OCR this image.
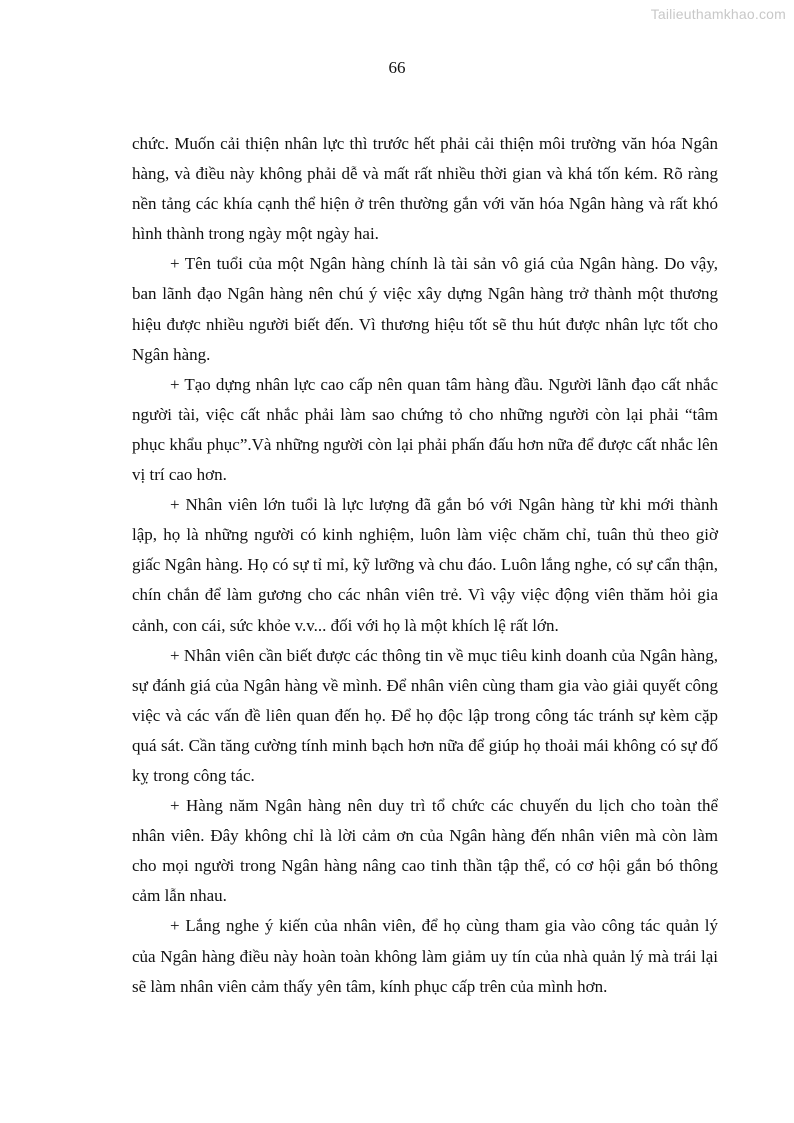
Tailieuthamkhao.com
66

chức. Muốn cải thiện nhân lực thì trước hết phải cải thiện môi trường văn hóa Ngân hàng, và điều này không phải dễ và mất rất nhiều thời gian và khá tốn kém. Rõ ràng nền tảng các khía cạnh thể hiện ở trên thường gắn với văn hóa Ngân hàng và rất khó hình thành trong ngày một ngày hai.

+ Tên tuổi của một Ngân hàng chính là tài sản vô giá của Ngân hàng. Do vậy, ban lãnh đạo Ngân hàng nên chú ý việc xây dựng Ngân hàng trở thành một thương hiệu được nhiều người biết đến. Vì thương hiệu tốt sẽ thu hút được nhân lực tốt cho Ngân hàng.

+ Tạo dựng nhân lực cao cấp nên quan tâm hàng đầu. Người lãnh đạo cất nhắc người tài, việc cất nhắc phải làm sao chứng tỏ cho những người còn lại phải “tâm phục khẩu phục”.Và những người còn lại phải phấn đấu hơn nữa để được cất nhắc lên vị trí cao hơn.

+ Nhân viên lớn tuổi là lực lượng đã gắn bó với Ngân hàng từ khi mới thành lập, họ là những người có kinh nghiệm, luôn làm việc chăm chỉ, tuân thủ theo giờ giấc Ngân hàng. Họ có sự tỉ mỉ, kỹ lưỡng và chu đáo. Luôn lắng nghe, có sự cẩn thận, chín chắn để làm gương cho các nhân viên trẻ. Vì vậy việc động viên thăm hỏi gia cảnh, con cái, sức khỏe v.v... đối với họ là một khích lệ rất lớn.

+ Nhân viên cần biết được các thông tin về mục tiêu kinh doanh của Ngân hàng, sự đánh giá của Ngân hàng về mình. Để nhân viên cùng tham gia vào giải quyết công việc và các vấn đề liên quan đến họ. Để họ độc lập trong công tác tránh sự kèm cặp quá sát. Cần tăng cường tính minh bạch hơn nữa để giúp họ thoải mái không có sự đố kỵ trong công tác.

+ Hàng năm Ngân hàng nên duy trì tổ chức các chuyến du lịch cho toàn thể nhân viên. Đây không chỉ là lời cảm ơn của Ngân hàng đến nhân viên mà còn làm cho mọi người trong Ngân hàng nâng cao tinh thần tập thể, có cơ hội gắn bó thông cảm lẫn nhau.

+ Lắng nghe ý kiến của nhân viên, để họ cùng tham gia vào công tác quản lý của Ngân hàng điều này hoàn toàn không làm giảm uy tín của nhà quản lý mà trái lại sẽ làm nhân viên cảm thấy yên tâm, kính phục cấp trên của mình hơn.
